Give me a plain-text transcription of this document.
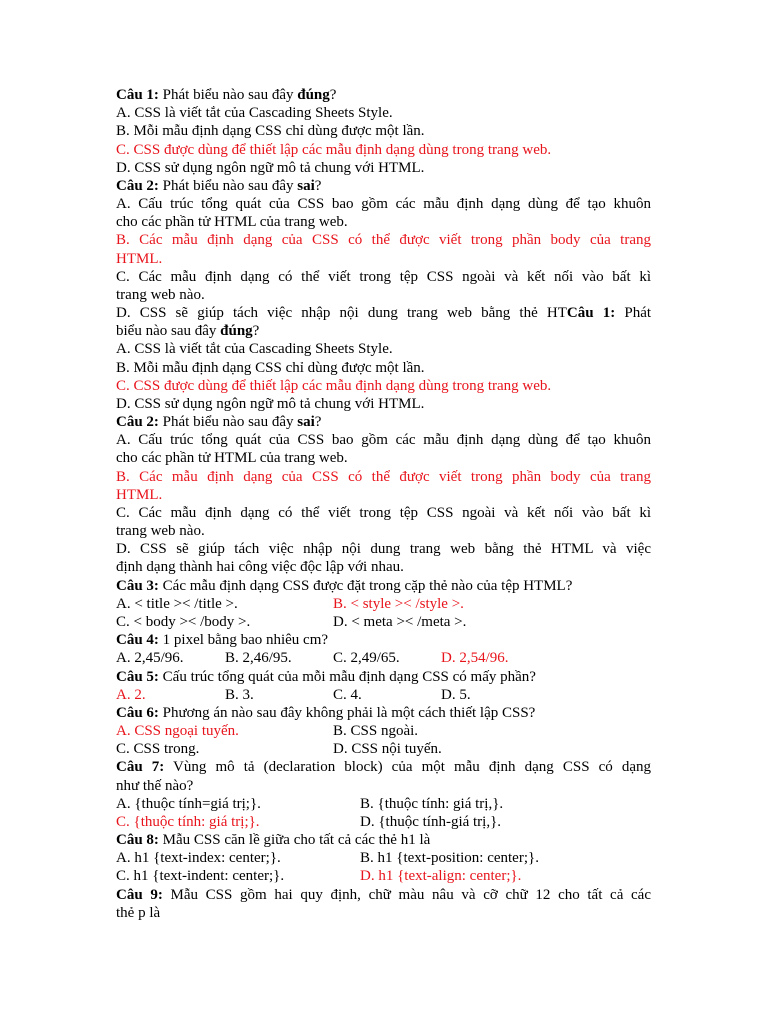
Câu 1: Phát biểu nào sau đây đúng?
A. CSS là viết tắt của Cascading Sheets Style.
B. Mỗi mẫu định dạng CSS chỉ dùng được một lần.
C. CSS được dùng để thiết lập các mẫu định dạng dùng trong trang web.
D. CSS sử dụng ngôn ngữ mô tả chung với HTML.
Câu 2: Phát biểu nào sau đây sai?
A. Cấu trúc tổng quát của CSS bao gồm các mẫu định dạng dùng để tạo khuôn
cho các phần tử HTML của trang web.
B. Các mẫu định dạng của CSS có thể được viết trong phần body của trang
HTML.
C. Các mẫu định dạng có thể viết trong tệp CSS ngoài và kết nối vào bất kì
trang web nào.
D. CSS sẽ giúp tách việc nhập nội dung trang web bằng thẻ HTCâu 1: Phát
biểu nào sau đây đúng?
A. CSS là viết tắt của Cascading Sheets Style.
B. Mỗi mẫu định dạng CSS chỉ dùng được một lần.
C. CSS được dùng để thiết lập các mẫu định dạng dùng trong trang web.
D. CSS sử dụng ngôn ngữ mô tả chung với HTML.
Câu 2: Phát biểu nào sau đây sai?
A. Cấu trúc tổng quát của CSS bao gồm các mẫu định dạng dùng để tạo khuôn
cho các phần tử HTML của trang web.
B. Các mẫu định dạng của CSS có thể được viết trong phần body của trang
HTML.
C. Các mẫu định dạng có thể viết trong tệp CSS ngoài và kết nối vào bất kì
trang web nào.
D. CSS sẽ giúp tách việc nhập nội dung trang web bằng thẻ HTML và việc
định dạng thành hai công việc độc lập với nhau.
Câu 3: Các mẫu định dạng CSS được đặt trong cặp thẻ nào của tệp HTML?
A. < title >< /title >.	B. < style >< /style >.
C. < body >< /body >.	D. < meta >< /meta >.
Câu 4: 1 pixel bằng bao nhiêu cm?
A. 2,45/96.	B. 2,46/95.	C. 2,49/65.	D. 2,54/96.
Câu 5: Cấu trúc tổng quát của mỗi mẫu định dạng CSS có mấy phần?
A. 2.	B. 3.	C. 4.	D. 5.
Câu 6: Phương án nào sau đây không phải là một cách thiết lập CSS?
A. CSS ngoại tuyến.	B. CSS ngoài.
C. CSS trong.	D. CSS nội tuyến.
Câu 7: Vùng mô tả (declaration block) của một mẫu định dạng CSS có dạng
như thế nào?
A. {thuộc tính=giá trị;}.	B. {thuộc tính: giá trị,}.
C. {thuộc tính: giá trị;}.	D. {thuộc tính-giá trị,}.
Câu 8: Mẫu CSS căn lề giữa cho tất cả các thẻ h1 là
A. h1 {text-index: center;}.	B. h1 {text-position: center;}.
C. h1 {text-indent: center;}.	D. h1 {text-align: center;}.
Câu 9: Mẫu CSS gồm hai quy định, chữ màu nâu và cỡ chữ 12 cho tất cả các
thẻ p là
